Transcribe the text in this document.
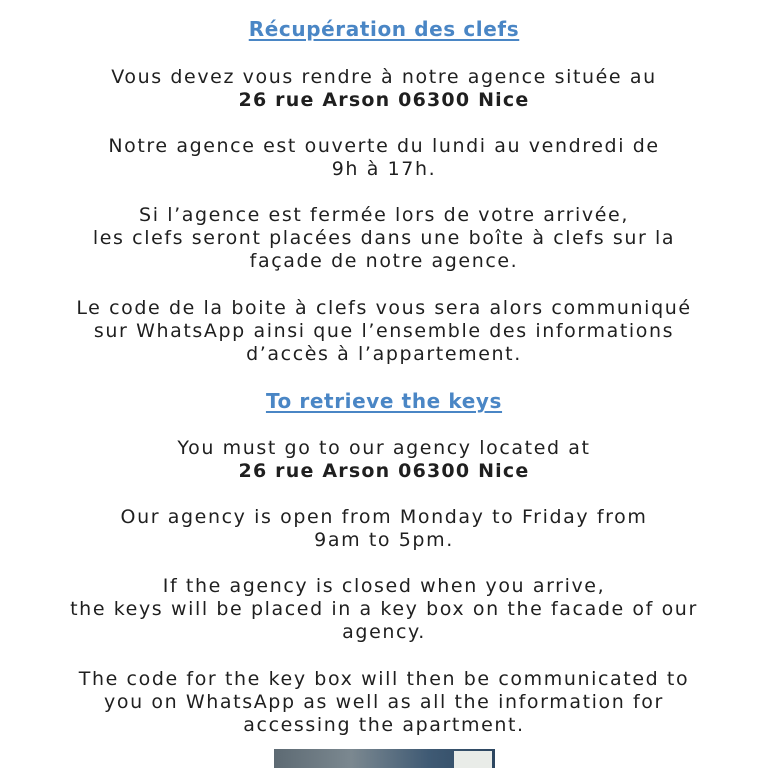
Récupération des clefs
Vous devez vous rendre à notre agence située au
26 rue Arson 06300 Nice
Notre agence est ouverte du lundi au vendredi de
9h à 17h.
Si l’agence est fermée lors de votre arrivée,
les clefs seront placées dans une boîte à clefs sur la
façade de notre agence.
Le code de la boite à clefs vous sera alors communiqué
sur WhatsApp ainsi que l’ensemble des informations
d’accès à l’appartement.
To retrieve the keys
You must go to our agency located at
26 rue Arson 06300 Nice
Our agency is open from Monday to Friday from
9am to 5pm.
If the agency is closed when you arrive,
the keys will be placed in a key box on the facade of our
agency.
The code for the key box will then be communicated to
you on WhatsApp as well as all the information for
accessing the apartment.
